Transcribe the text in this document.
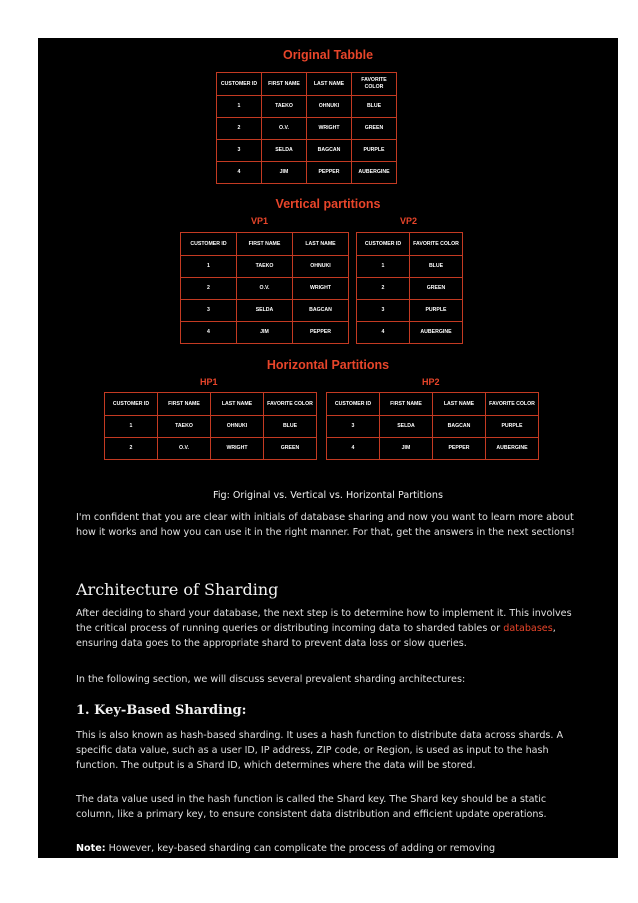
Original Tabble
CUSTOMER ID	FIRST NAME	LAST NAME	FAVORITE COLOR
1	TAEKO	OHNUKI	BLUE
2	O.V.	WRIGHT	GREEN
3	SELDA	BAGCAN	PURPLE
4	JIM	PEPPER	AUBERGINE
Vertical partitions
VP1	VP2
CUSTOMER ID	FIRST NAME	LAST NAME
1	TAEKO	OHNUKI
2	O.V.	WRIGHT
3	SELDA	BAGCAN
4	JIM	PEPPER
CUSTOMER ID	FAVORITE COLOR
1	BLUE
2	GREEN
3	PURPLE
4	AUBERGINE
Horizontal Partitions
HP1	HP2
CUSTOMER ID	FIRST NAME	LAST NAME	FAVORITE COLOR
1	TAEKO	OHNUKI	BLUE
2	O.V.	WRIGHT	GREEN
CUSTOMER ID	FIRST NAME	LAST NAME	FAVORITE COLOR
3	SELDA	BAGCAN	PURPLE
4	JIM	PEPPER	AUBERGINE
Fig: Original vs. Vertical vs. Horizontal Partitions

I'm confident that you are clear with initials of database sharing and now you want to learn more about how it works and how you can use it in the right manner. For that, get the answers in the next sections!

Architecture of Sharding

After deciding to shard your database, the next step is to determine how to implement it. This involves the critical process of running queries or distributing incoming data to sharded tables or databases, ensuring data goes to the appropriate shard to prevent data loss or slow queries.

In the following section, we will discuss several prevalent sharding architectures:

1. Key-Based Sharding:

This is also known as hash-based sharding. It uses a hash function to distribute data across shards. A specific data value, such as a user ID, IP address, ZIP code, or Region, is used as input to the hash function. The output is a Shard ID, which determines where the data will be stored.

The data value used in the hash function is called the Shard key. The Shard key should be a static column, like a primary key, to ensure consistent data distribution and efficient update operations.

Note: However, key-based sharding can complicate the process of adding or removing
